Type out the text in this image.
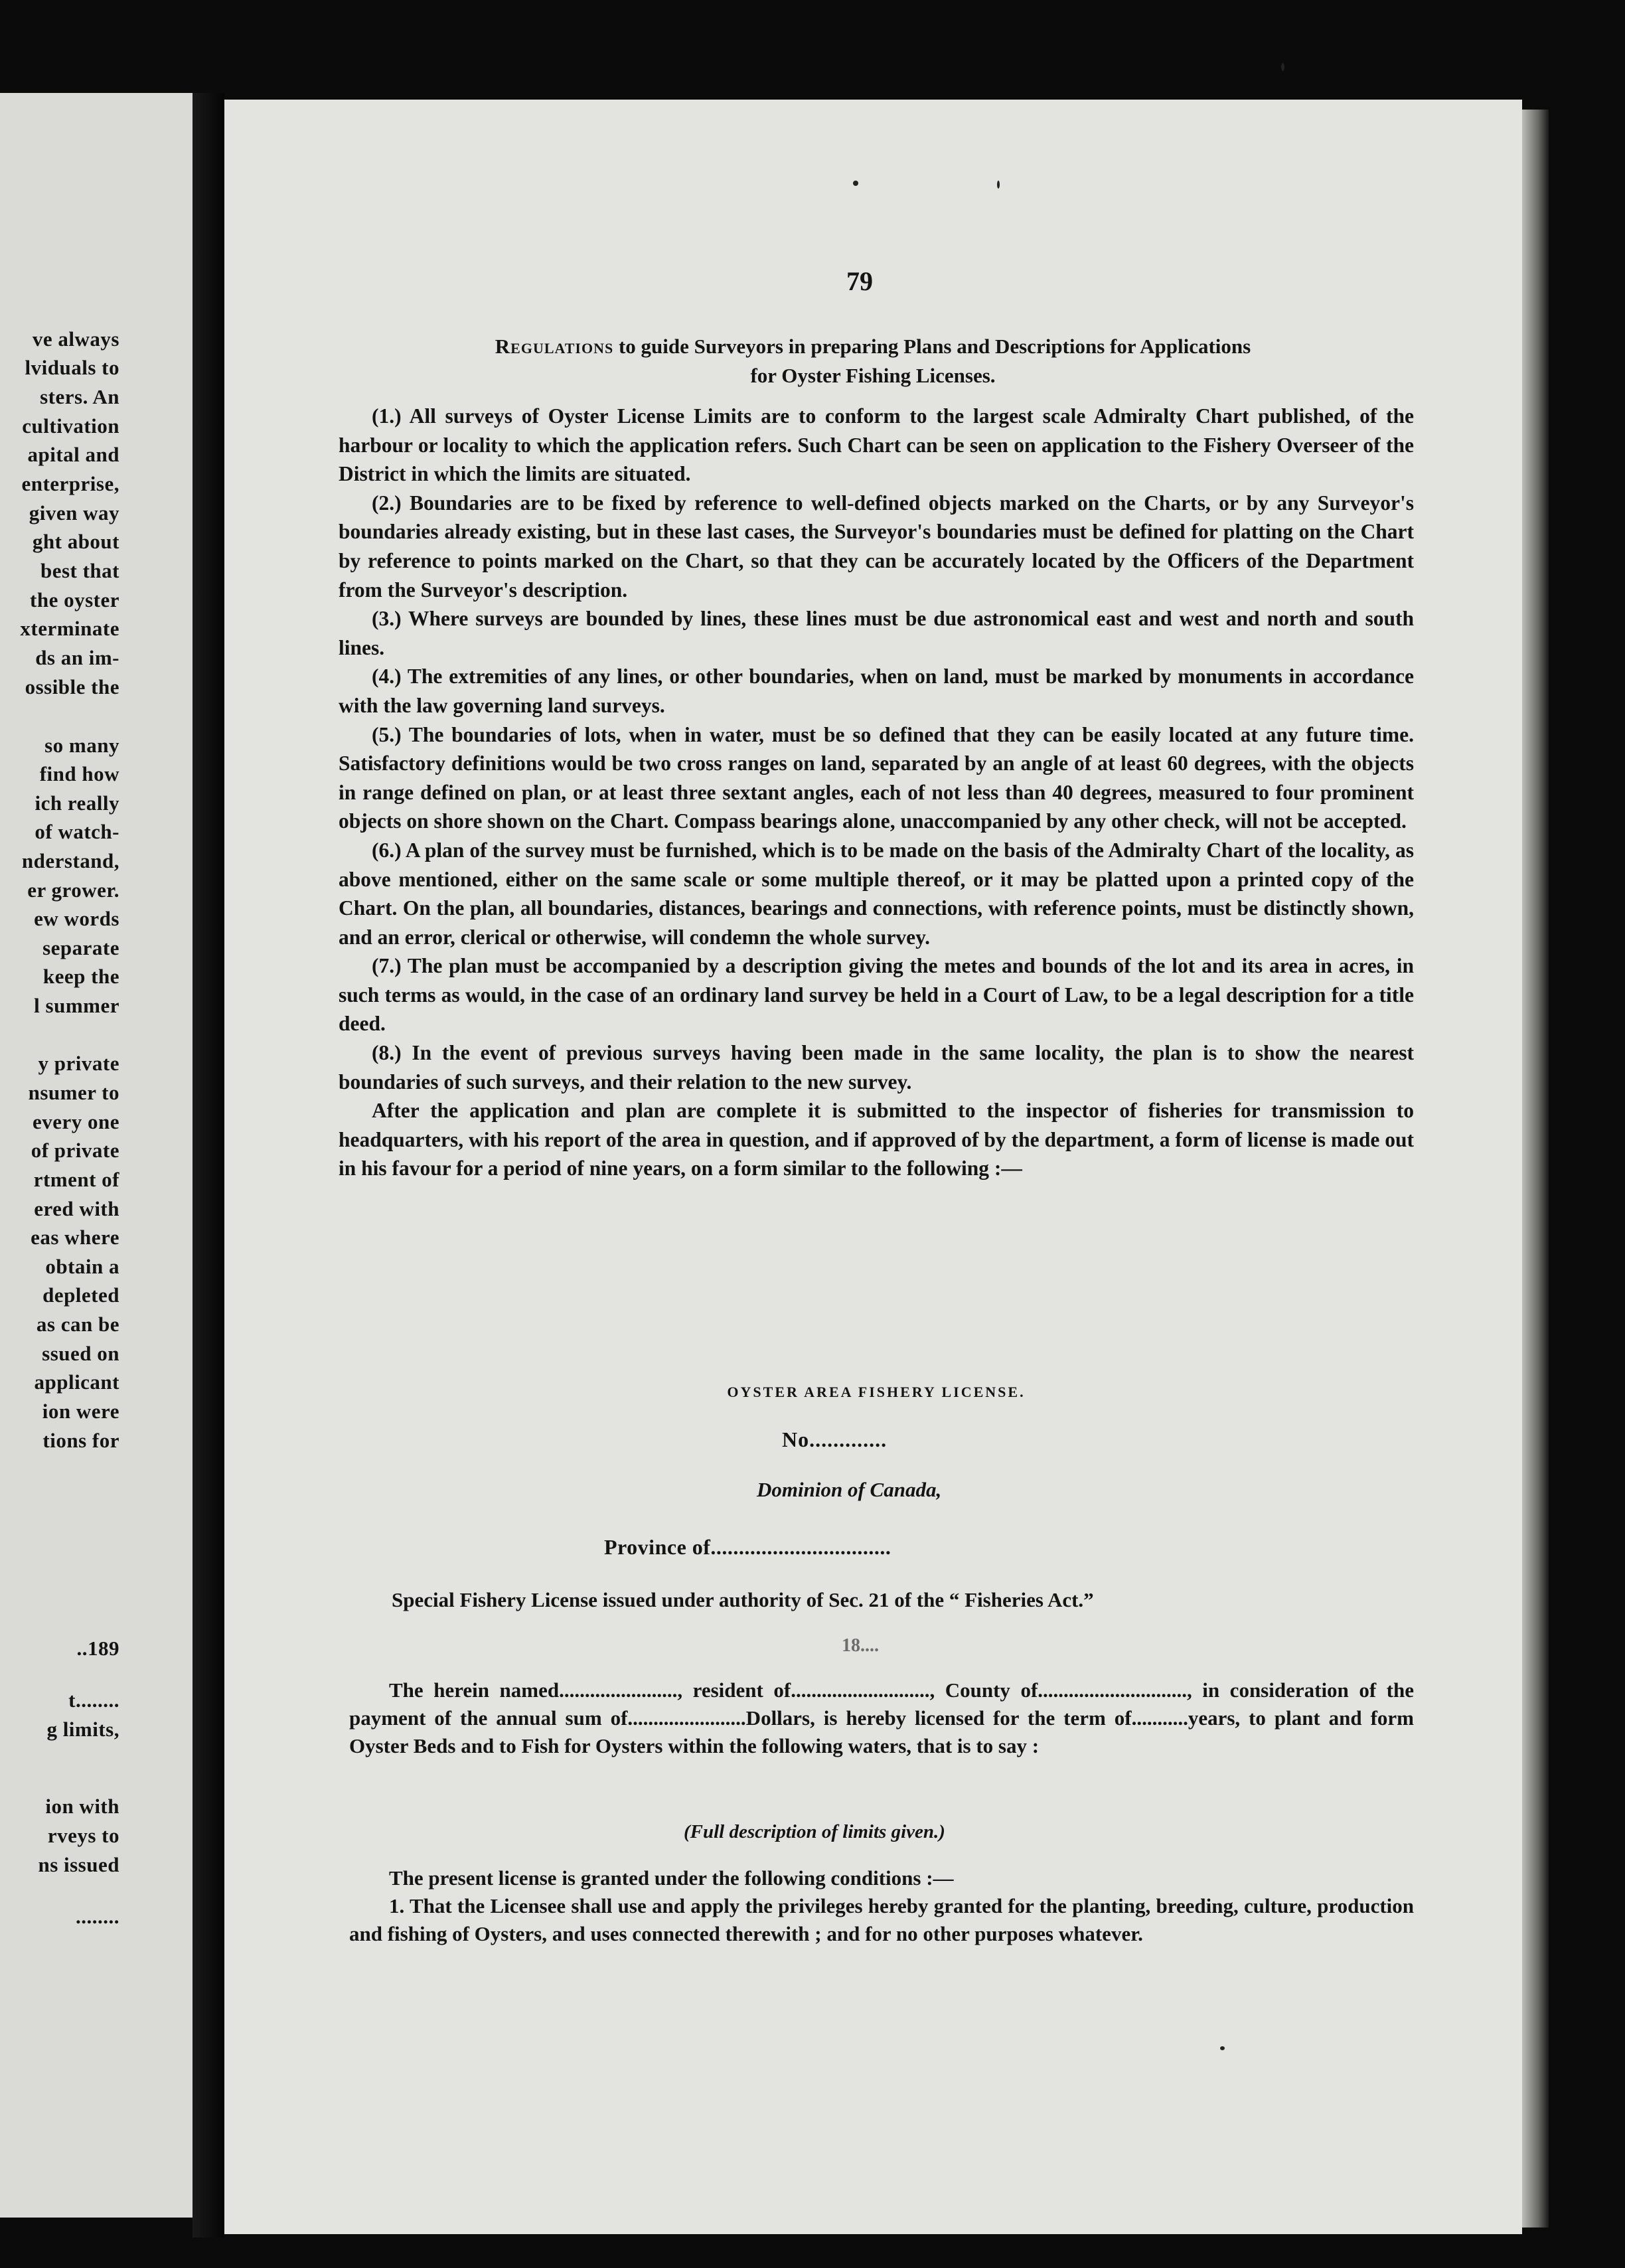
ve always
lviduals to
sters. An
cultivation
apital and
enterprise,
given way
ght about
best that
the oyster
xterminate
ds an im-
ossible the
so many
find how
ich really
of watch-
nderstand,
er grower.
ew words
separate
keep the
l summer
y private
nsumer to
every one
of private
rtment of
ered with
eas where
obtain a
depleted
as can be
ssued on
applicant
ion were
tions for
..189
t........
g limits,
ion with
rveys to
ns issued
........
79
Regulations to guide Surveyors in preparing Plans and Descriptions for Applications
for Oyster Fishing Licenses.

(1.) All surveys of Oyster License Limits are to conform to the largest scale Admiralty Chart published, of the harbour or locality to which the application refers. Such Chart can be seen on application to the Fishery Overseer of the District in which the limits are situated.

(2.) Boundaries are to be fixed by reference to well-defined objects marked on the Charts, or by any Surveyor's boundaries already existing, but in these last cases, the Surveyor's boundaries must be defined for platting on the Chart by reference to points marked on the Chart, so that they can be accurately located by the Officers of the Department from the Surveyor's description.

(3.) Where surveys are bounded by lines, these lines must be due astronomical east and west and north and south lines.

(4.) The extremities of any lines, or other boundaries, when on land, must be marked by monuments in accordance with the law governing land surveys.

(5.) The boundaries of lots, when in water, must be so defined that they can be easily located at any future time. Satisfactory definitions would be two cross ranges on land, separated by an angle of at least 60 degrees, with the objects in range defined on plan, or at least three sextant angles, each of not less than 40 degrees, measured to four prominent objects on shore shown on the Chart. Compass bearings alone, unaccompanied by any other check, will not be accepted.

(6.) A plan of the survey must be furnished, which is to be made on the basis of the Admiralty Chart of the locality, as above mentioned, either on the same scale or some multiple thereof, or it may be platted upon a printed copy of the Chart. On the plan, all boundaries, distances, bearings and connections, with reference points, must be distinctly shown, and an error, clerical or otherwise, will condemn the whole survey.

(7.) The plan must be accompanied by a description giving the metes and bounds of the lot and its area in acres, in such terms as would, in the case of an ordinary land survey be held in a Court of Law, to be a legal description for a title deed.

(8.) In the event of previous surveys having been made in the same locality, the plan is to show the nearest boundaries of such surveys, and their relation to the new survey.

After the application and plan are complete it is submitted to the inspector of fisheries for transmission to headquarters, with his report of the area in question, and if approved of by the department, a form of license is made out in his favour for a period of nine years, on a form similar to the following :—

OYSTER AREA FISHERY LICENSE.
No.............
Dominion of Canada,
Province of................................
Special Fishery License issued under authority of Sec. 21 of the “ Fisheries Act.”
18....

The herein named......................., resident of..........................., County of............................., in consideration of the payment of the annual sum of.......................Dollars, is hereby licensed for the term of...........years, to plant and form Oyster Beds and to Fish for Oysters within the following waters, that is to say :

(Full description of limits given.)

The present license is granted under the following conditions :—

1. That the Licensee shall use and apply the privileges hereby granted for the planting, breeding, culture, production and fishing of Oysters, and uses connected therewith ; and for no other purposes whatever.
